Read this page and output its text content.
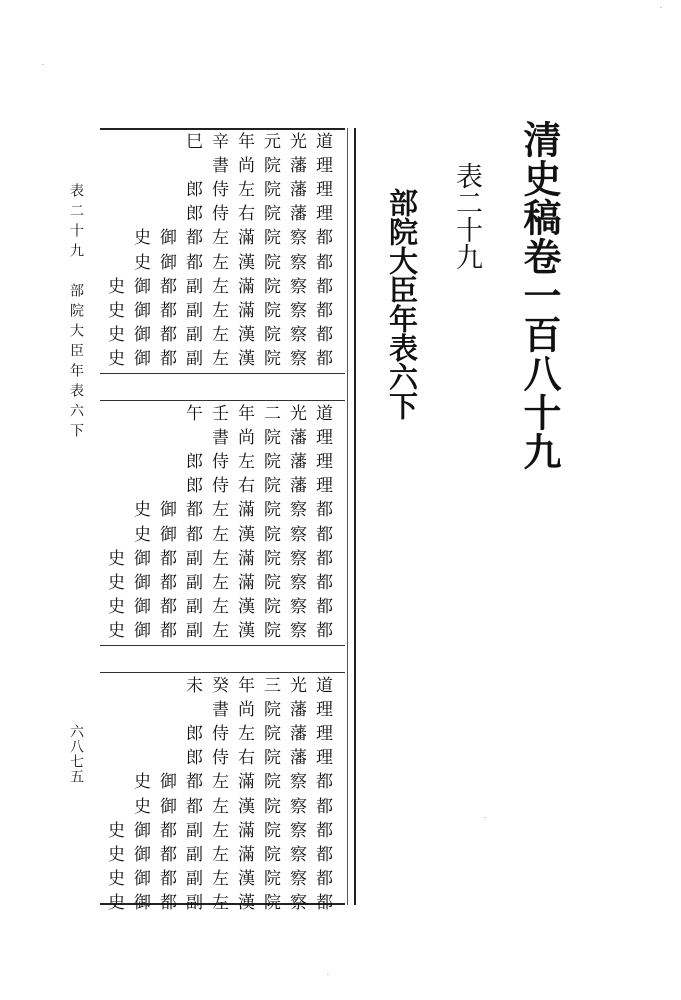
清史稿卷一百八十九
表二十九
部院大臣年表六下
表二十九　部院大臣年表六下
六八七五
巳辛年元光道
書尚院藩理
郎侍左院藩理
郎侍右院藩理
史御都左滿院察都
史御都左漢院察都
史御都副左滿院察都
史御都副左滿院察都
史御都副左漢院察都
史御都副左漢院察都
午壬年二光道
書尚院藩理
郎侍左院藩理
郎侍右院藩理
史御都左滿院察都
史御都左漢院察都
史御都副左滿院察都
史御都副左滿院察都
史御都副左漢院察都
史御都副左漢院察都
未癸年三光道
書尚院藩理
郎侍左院藩理
郎侍右院藩理
史御都左滿院察都
史御都左漢院察都
史御都副左滿院察都
史御都副左滿院察都
史御都副左漢院察都
史御都副左漢院察都
·
·
·
·
